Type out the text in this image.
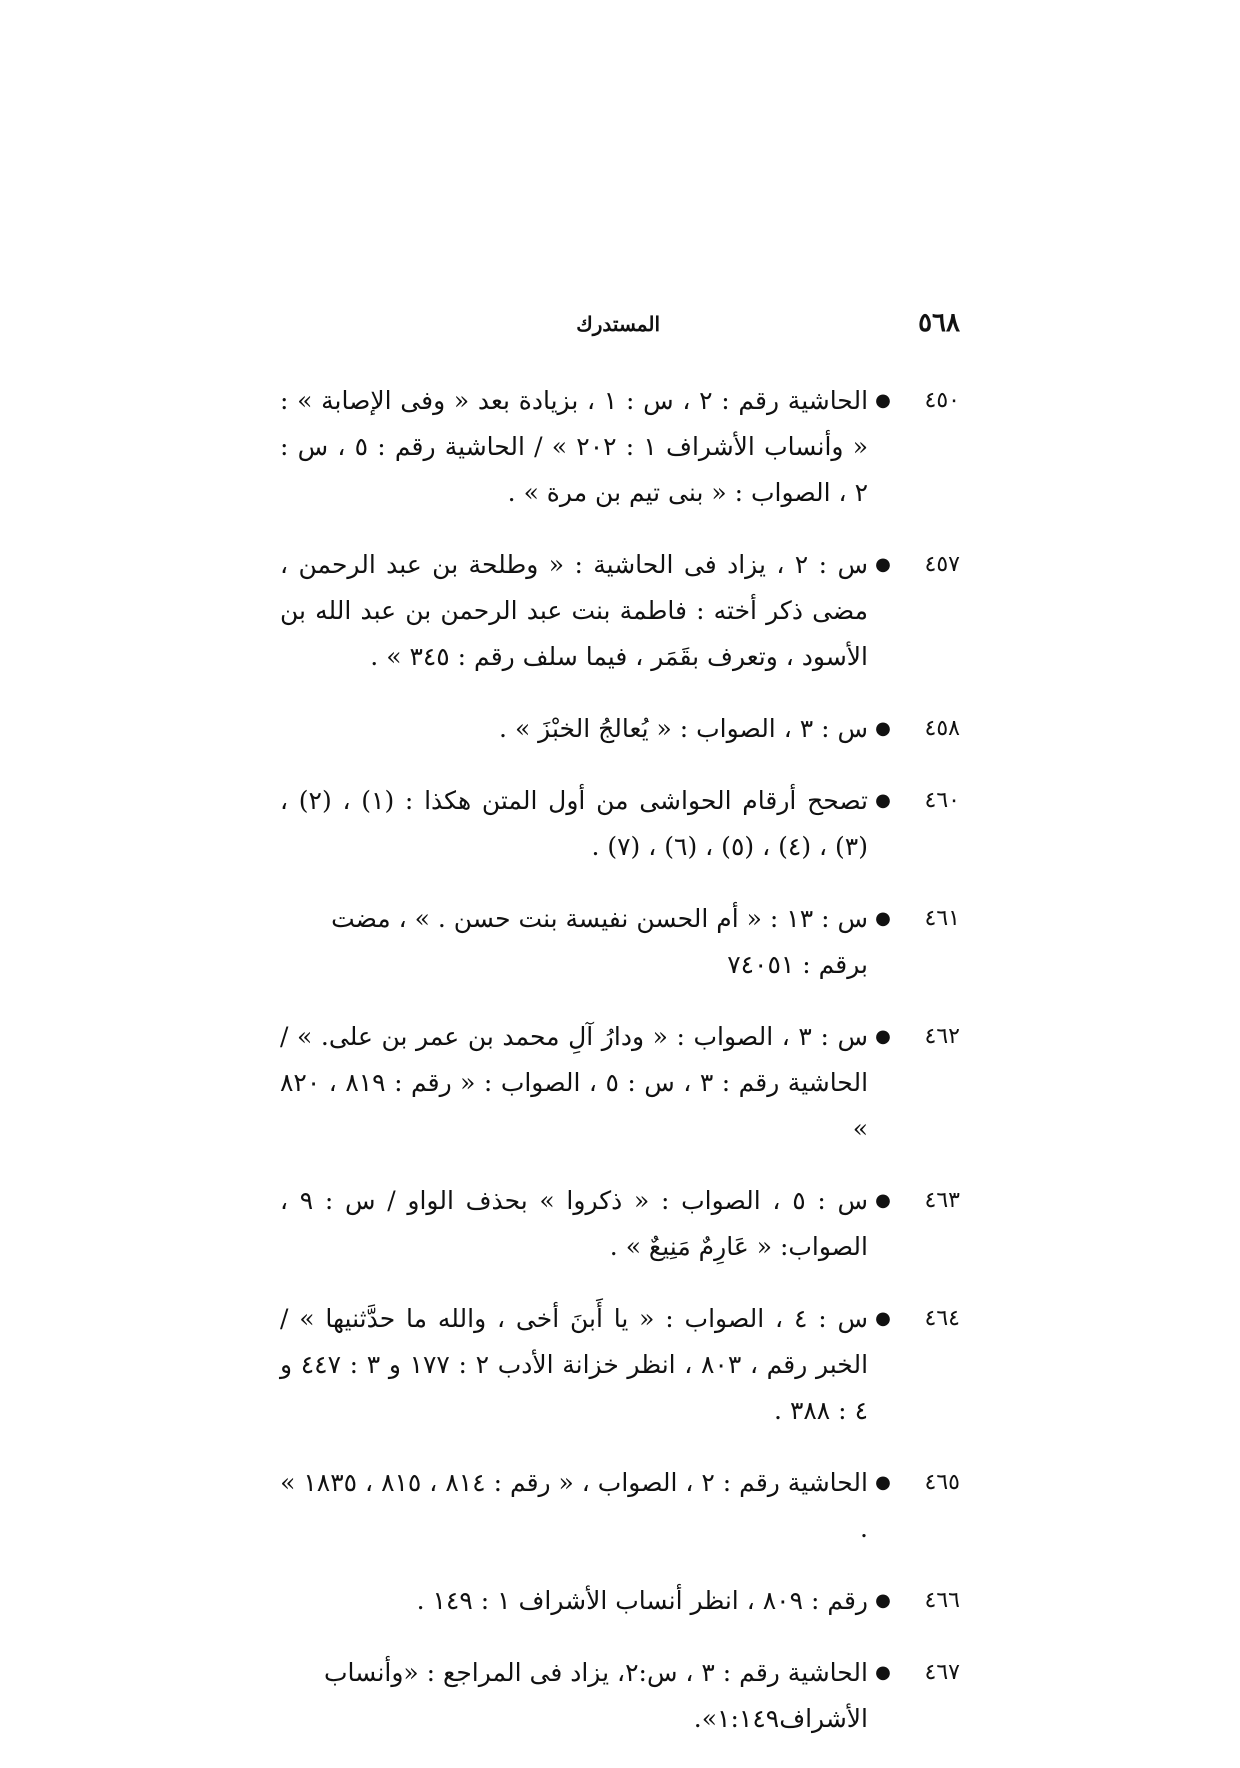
٥٦٨
المستدرك
٤٥٠
●

الحاشية رقم : ٢ ، س : ١ ، بزيادة بعد « وفى الإصابة » : « وأنساب الأشراف ١ : ٢٠٢ » / الحاشية رقم : ٥ ، س : ٢ ، الصواب : « بنى تيم بن مرة » .

٤٥٧
●

س : ٢ ، يزاد فى الحاشية : « وطلحة بن عبد الرحمن ، مضى ذكر أخته : فاطمة بنت عبد الرحمن بن عبد الله بن الأسود ، وتعرف بقَمَر ، فيما سلف رقم : ٣٤٥ » .

٤٥٨
●

س : ٣ ، الصواب : « يُعالجُ الخبْزَ » .

٤٦٠
●

تصحح أرقام الحواشى من أول المتن هكذا : (١) ، (٢) ، (٣) ، (٤) ، (٥) ، (٦) ، (٧) .

٤٦١
●

س : ١٣ : « أم الحسن نفيسة بنت حسن . » ، مضت برقم : ٧٤٠٥١

٤٦٢
●

س : ٣ ، الصواب : « ودارُ آلِ محمد بن عمر بن على. » / الحاشية رقم : ٣ ، س : ٥ ، الصواب : « رقم : ٨١٩ ، ٨٢٠ »

٤٦٣
●

س : ٥ ، الصواب : « ذكروا » بحذف الواو / س : ٩ ، الصواب: « عَارِمٌ مَنِيعٌ » .

٤٦٤
●

س : ٤ ، الصواب : « يا أَبنَ أخى ، والله ما حدَّثنيها » / الخبر رقم ، ٨٠٣ ، انظر خزانة الأدب ٢ : ١٧٧ و ٣ : ٤٤٧ و ٤ : ٣٨٨ .

٤٦٥
●

الحاشية رقم : ٢ ، الصواب ، « رقم : ٨١٤ ، ٨١٥ ، ١٨٣٥ » .

٤٦٦
●

رقم : ٨٠٩ ، انظر أنساب الأشراف ١ : ١٤٩ .

٤٦٧
●

الحاشية رقم : ٣ ، س:٢، يزاد فى المراجع : «وأنساب الأشراف١:١٤٩».
